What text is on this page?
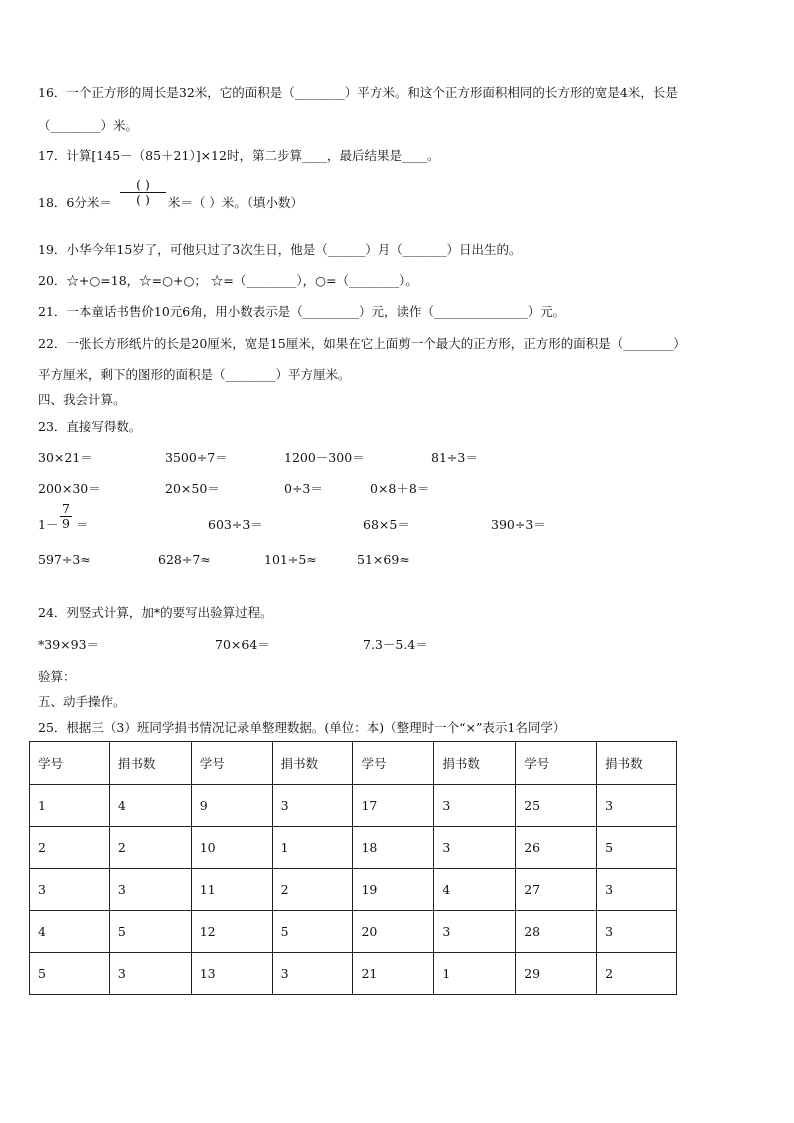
16．一个正方形的周长是32米，它的面积是（________）平方米。和这个正方形面积相同的长方形的宽是4米，长是
（________）米。
17．计算[145－（85＋21）]×12时，第二步算____，最后结果是____。
18．6分米＝	米＝（ ）米。（填小数）
( )
( )
19．小华今年15岁了，可他只过了3次生日，他是（______）月（_______）日出生的。
20．☆+○=18，☆=○+○； ☆=（________），○=（________）。
21．一本童话书售价10元6角，用小数表示是（_________）元，读作（_______________）元。
22．一张长方形纸片的长是20厘米，宽是15厘米，如果在它上面剪一个最大的正方形，正方形的面积是（________）
平方厘米，剩下的图形的面积是（________）平方厘米。
四、我会计算。
23．直接写得数。
30×21＝	3500÷7＝	1200－300＝	81÷3＝
200×30＝	20×50＝	0÷3＝	0×8＋8＝
1－
7
9 ＝	603÷3＝	68×5＝	390÷3＝
597÷3≈	628÷7≈	101÷5≈	51×69≈
24．列竖式计算，加*的要写出验算过程。
*39×93＝	70×64＝	7.3－5.4＝
验算：
五、动手操作。
25．根据三（3）班同学捐书情况记录单整理数据。(单位：本)（整理时一个“×”表示1名同学）
学号	捐书数	学号	捐书数	学号	捐书数	学号	捐书数
1	4	9	3	17	3	25	3
2	2	10	1	18	3	26	5
3	3	11	2	19	4	27	3
4	5	12	5	20	3	28	3
5	3	13	3	21	1	29	2
